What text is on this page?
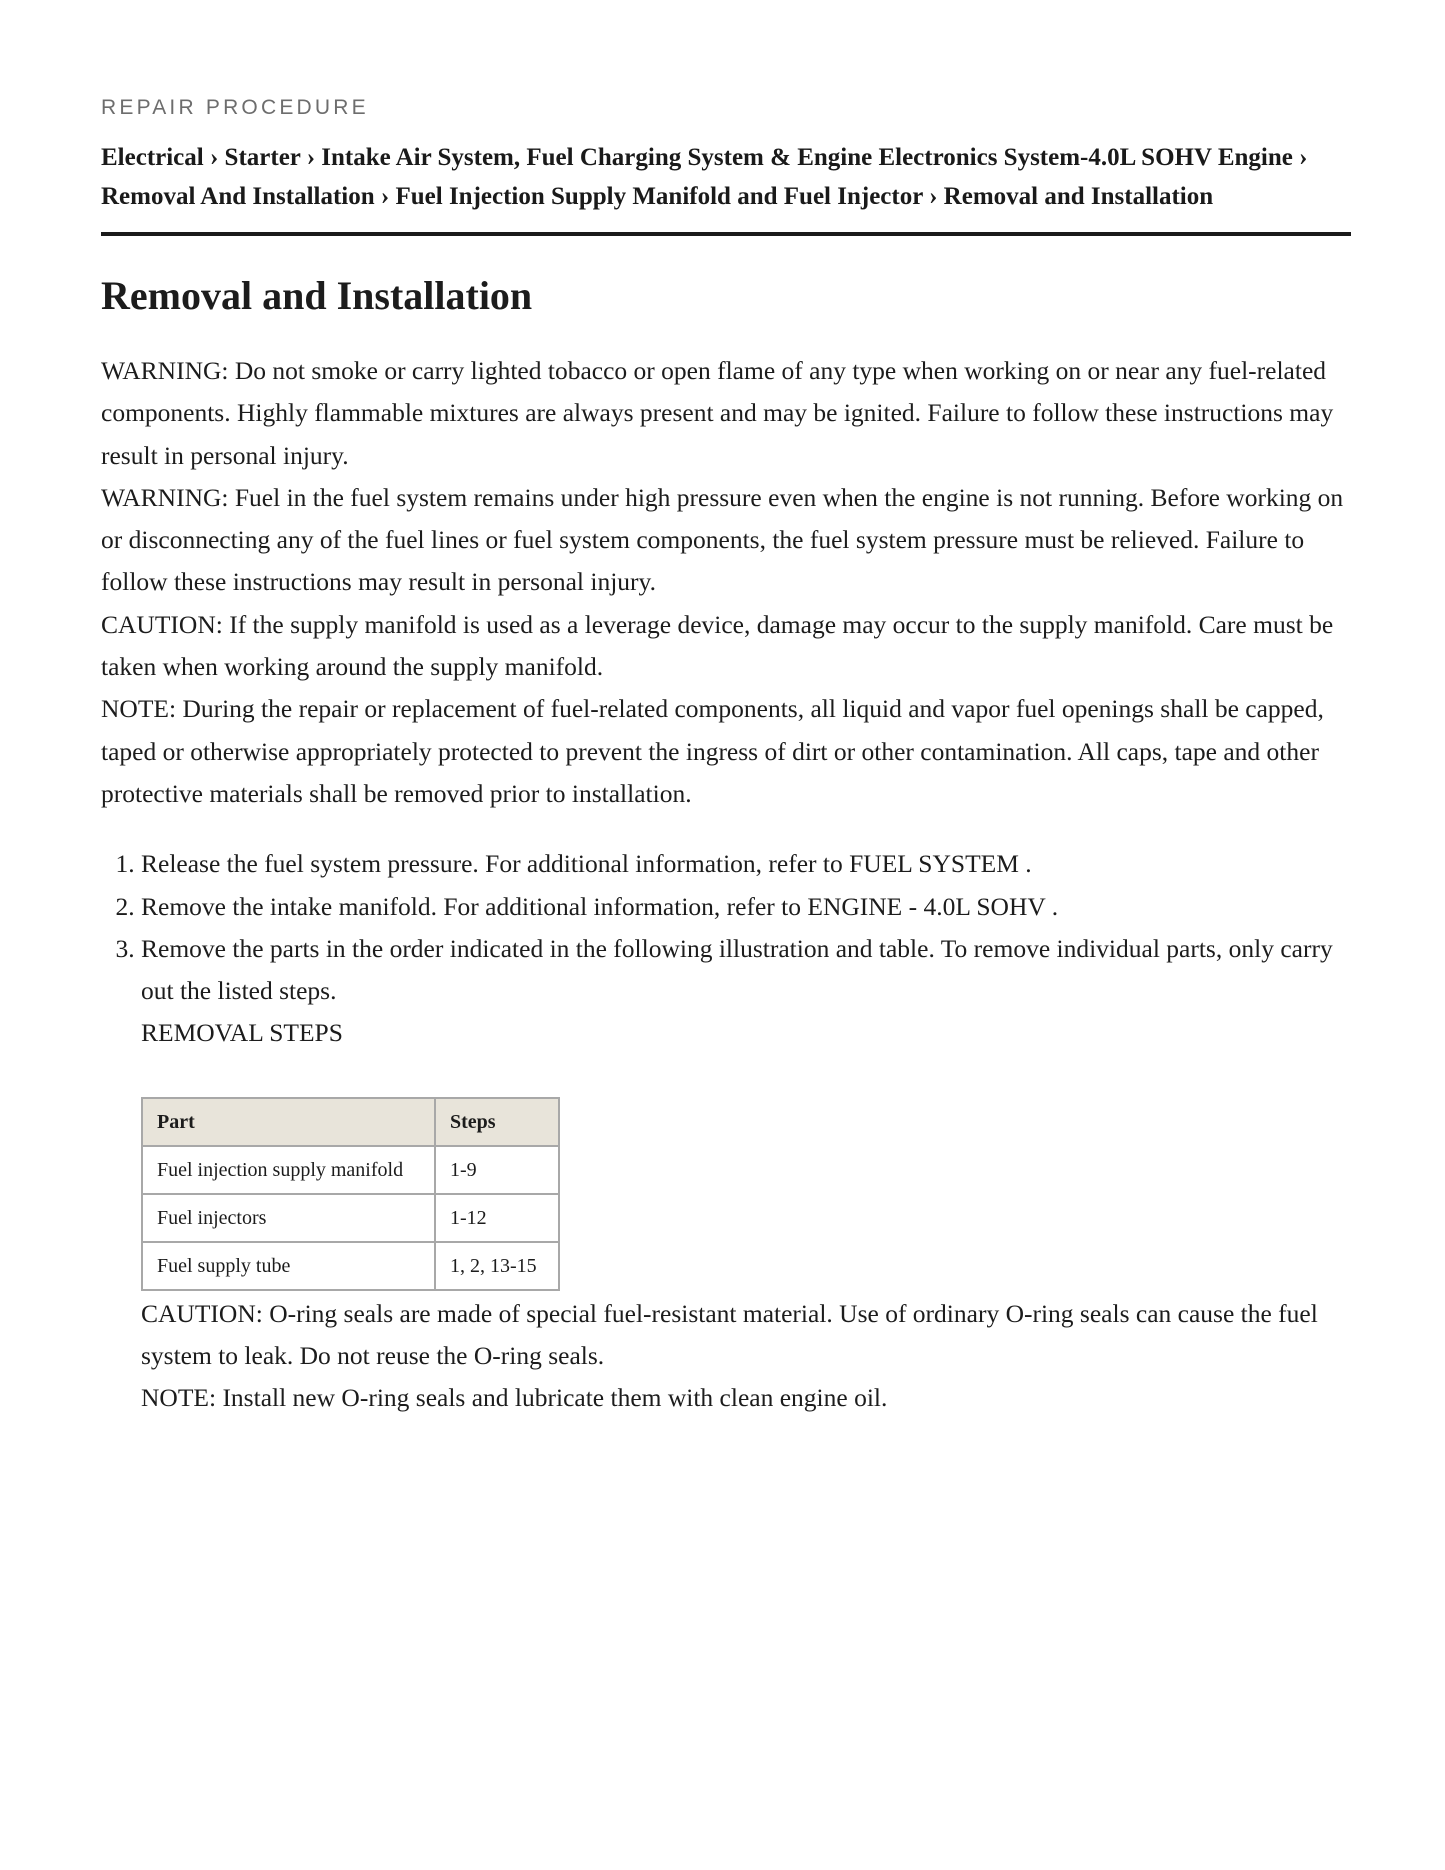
REPAIR PROCEDURE
Electrical › Starter › Intake Air System, Fuel Charging System & Engine Electronics System-4.0L SOHV Engine › Removal And Installation › Fuel Injection Supply Manifold and Fuel Injector › Removal and Installation
Removal and Installation

WARNING: Do not smoke or carry lighted tobacco or open flame of any type when working on or near any fuel-related components. Highly flammable mixtures are always present and may be ignited. Failure to follow these instructions may result in personal injury.

WARNING: Fuel in the fuel system remains under high pressure even when the engine is not running. Before working on or disconnecting any of the fuel lines or fuel system components, the fuel system pressure must be relieved. Failure to follow these instructions may result in personal injury.

CAUTION: If the supply manifold is used as a leverage device, damage may occur to the supply manifold. Care must be taken when working around the supply manifold.

NOTE: During the repair or replacement of fuel-related components, all liquid and vapor fuel openings shall be capped, taped or otherwise appropriately protected to prevent the ingress of dirt or other contamination. All caps, tape and other protective materials shall be removed prior to installation.

1. Release the fuel system pressure. For additional information, refer to FUEL SYSTEM .
2. Remove the intake manifold. For additional information, refer to ENGINE - 4.0L SOHV .
3. Remove the parts in the order indicated in the following illustration and table. To remove individual parts, only carry out the listed steps.
REMOVAL STEPS
Part	Steps
Fuel injection supply manifold	1-9
Fuel injectors	1-12
Fuel supply tube	1, 2, 13-15

CAUTION: O-ring seals are made of special fuel-resistant material. Use of ordinary O-ring seals can cause the fuel system to leak. Do not reuse the O-ring seals.

NOTE: Install new O-ring seals and lubricate them with clean engine oil.
